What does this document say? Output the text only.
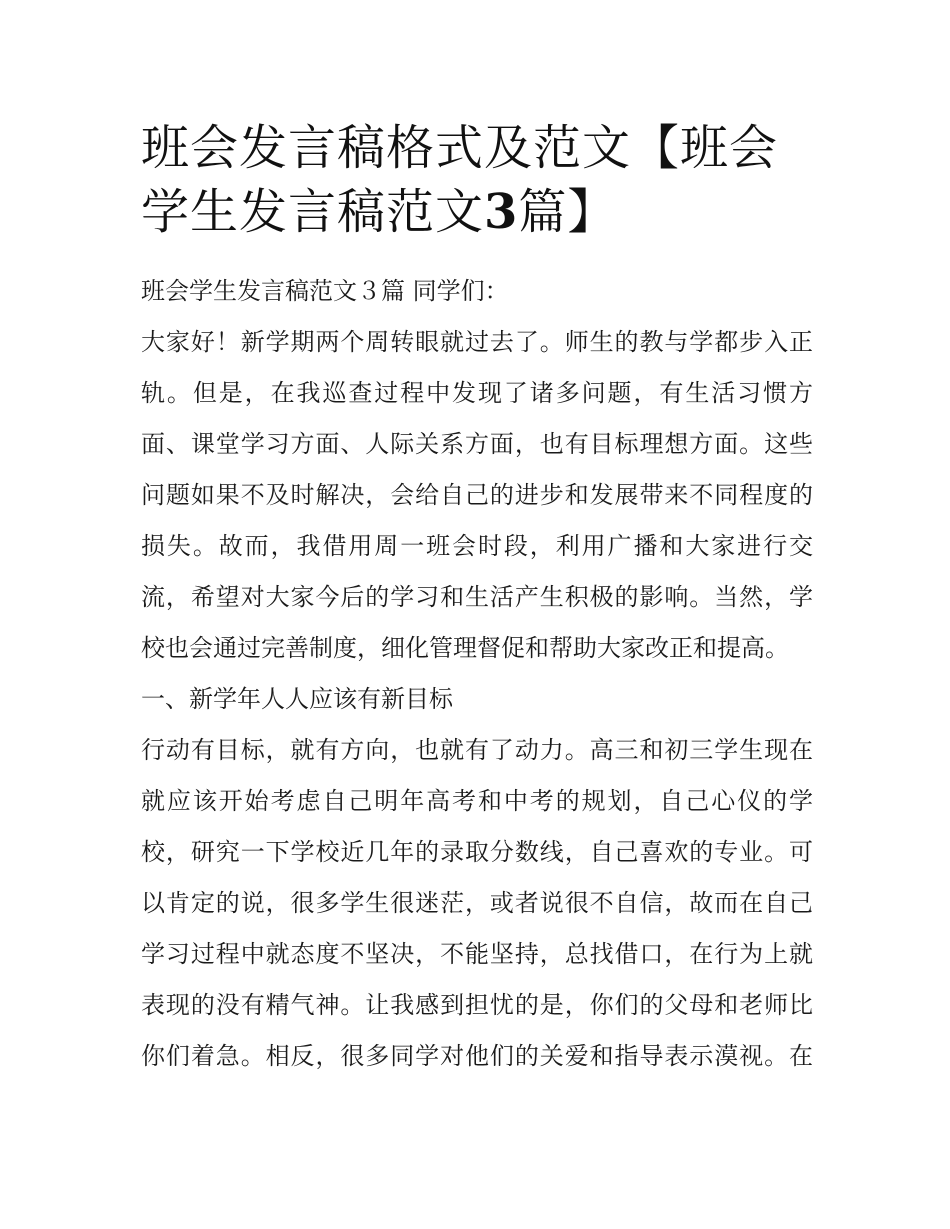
班会发言稿格式及范文【班会
学生发言稿范文3篇】

班会学生发言稿范文３篇 同学们：

大家好！新学期两个周转眼就过去了。师生的教与学都步入正
轨。但是，在我巡查过程中发现了诸多问题，有生活习惯方
面、课堂学习方面、人际关系方面，也有目标理想方面。这些
问题如果不及时解决，会给自己的进步和发展带来不同程度的
损失。故而，我借用周一班会时段，利用广播和大家进行交
流，希望对大家今后的学习和生活产生积极的影响。当然，学
校也会通过完善制度，细化管理督促和帮助大家改正和提高。

一、新学年人人应该有新目标

行动有目标，就有方向，也就有了动力。高三和初三学生现在
就应该开始考虑自己明年高考和中考的规划，自己心仪的学
校，研究一下学校近几年的录取分数线，自己喜欢的专业。可
以肯定的说，很多学生很迷茫，或者说很不自信，故而在自己
学习过程中就态度不坚决，不能坚持，总找借口，在行为上就
表现的没有精气神。让我感到担忧的是，你们的父母和老师比
你们着急。相反，很多同学对他们的关爱和指导表示漠视。在
